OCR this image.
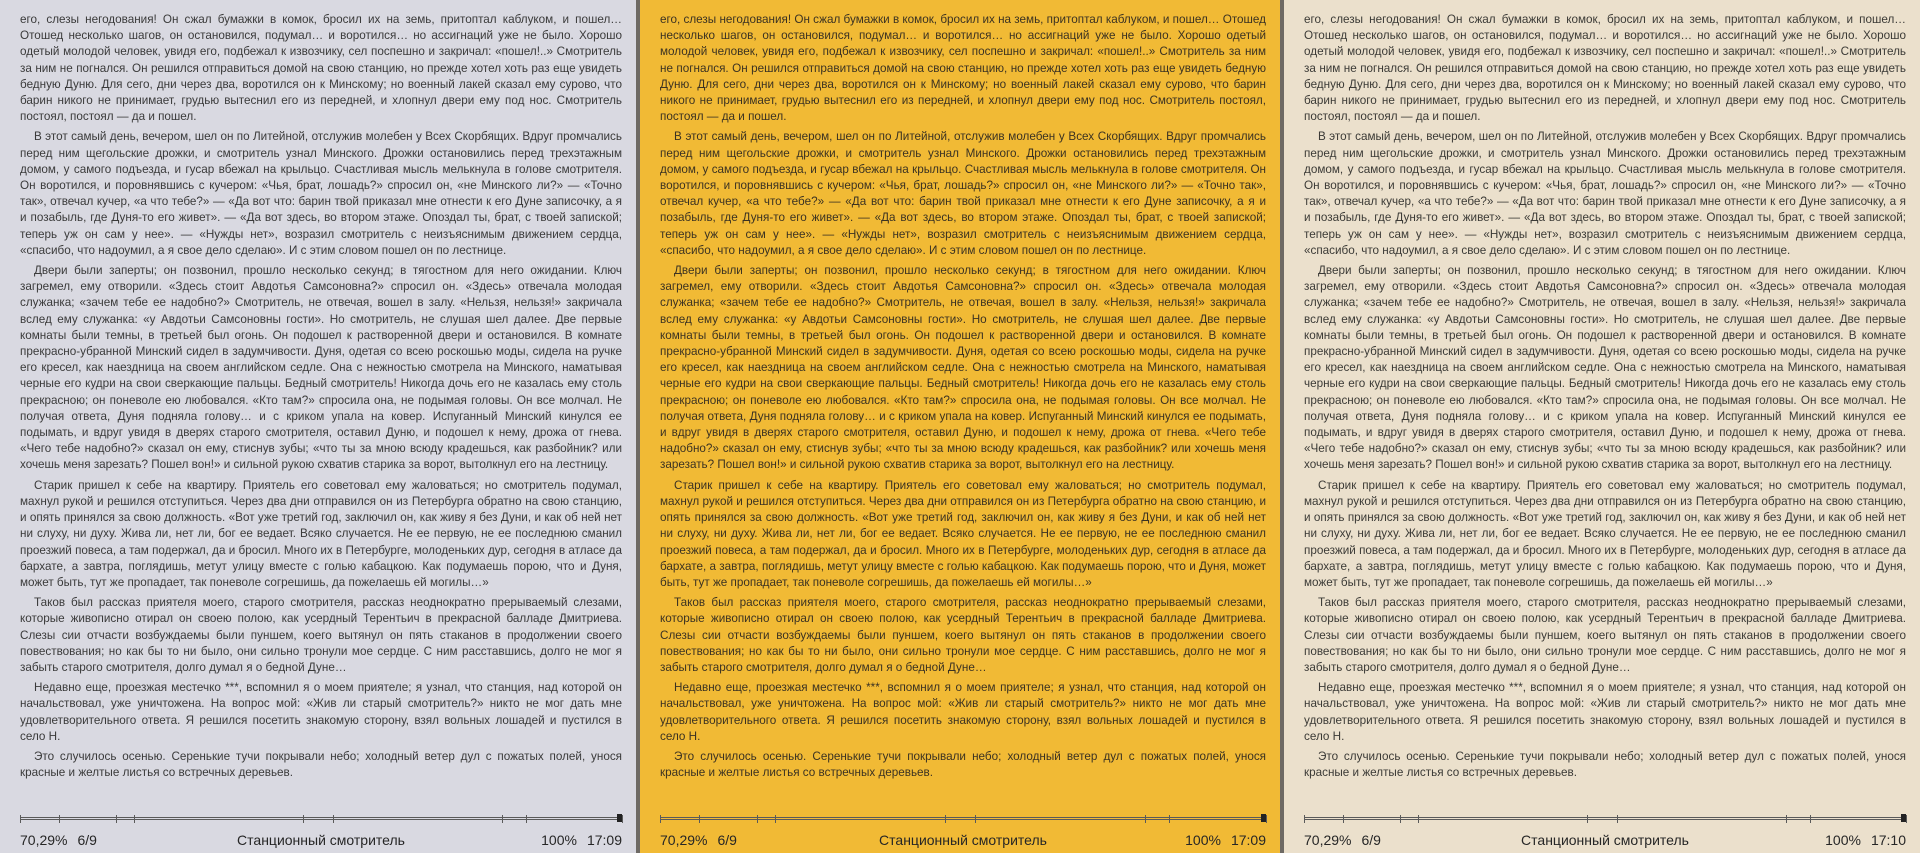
его, слезы негодования! Он сжал бумажки в комок, бросил их на земь, притоптал каблуком, и пошел… Отошед несколько шагов, он остановился, подумал… и воротился… но ассигнаций уже не было. Хорошо одетый молодой человек, увидя его, подбежал к извозчику, сел поспешно и закричал: «пошел!..» Смотритель за ним не погнался. Он решился отправиться домой на свою станцию, но прежде хотел хоть раз еще увидеть бедную Дуню. Для сего, дни через два, воротился он к Минскому; но военный лакей сказал ему сурово, что барин никого не принимает, грудью вытеснил его из передней, и хлопнул двери ему под нос. Смотритель постоял, постоял — да и пошел.

В этот самый день, вечером, шел он по Литейной, отслужив молебен у Всех Скорбящих. Вдруг промчались перед ним щегольские дрожки, и смотритель узнал Минского. Дрожки остановились перед трехэтажным домом, у самого подъезда, и гусар вбежал на крыльцо. Счастливая мысль мелькнула в голове смотрителя. Он воротился, и поровнявшись с кучером: «Чья, брат, лошадь?» спросил он, «не Минского ли?» — «Точно так», отвечал кучер, «а что тебе?» — «Да вот что: барин твой приказал мне отнести к его Дуне записочку, а я и позабыль, где Дуня-то его живет». — «Да вот здесь, во втором этаже. Опоздал ты, брат, с твоей запиской; теперь уж он сам у нее». — «Нужды нет», возразил смотритель с неизъяснимым движением сердца, «спасибо, что надоумил, а я свое дело сделаю». И с этим словом пошел он по лестнице.

Двери были заперты; он позвонил, прошло несколько секунд; в тягостном для него ожидании. Ключ загремел, ему отворили. «Здесь стоит Авдотья Самсоновна?» спросил он. «Здесь» отвечала молодая служанка; «зачем тебе ее надобно?» Смотритель, не отвечая, вошел в залу. «Нельзя, нельзя!» закричала вслед ему служанка: «у Авдотьи Самсоновны гости». Но смотритель, не слушая шел далее. Две первые комнаты были темны, в третьей был огонь. Он подошел к растворенной двери и остановился. В комнате прекрасно-убранной Минский сидел в задумчивости. Дуня, одетая со всею роскошью моды, сидела на ручке его кресел, как наездница на своем английском седле. Она с нежностью смотрела на Минского, наматывая черные его кудри на свои сверкающие пальцы. Бедный смотритель! Никогда дочь его не казалась ему столь прекрасною; он поневоле ею любовался. «Кто там?» спросила она, не подымая головы. Он все молчал. Не получая ответа, Дуня подняла голову… и с криком упала на ковер. Испуганный Минский кинулся ее подымать, и вдруг увидя в дверях старого смотрителя, оставил Дуню, и подошел к нему, дрожа от гнева. «Чего тебе надобно?» сказал он ему, стиснув зубы; «что ты за мною всюду крадешься, как разбойник? или хочешь меня зарезать? Пошел вон!» и сильной рукою схватив старика за ворот, вытолкнул его на лестницу.

Старик пришел к себе на квартиру. Приятель его советовал ему жаловаться; но смотритель подумал, махнул рукой и решился отступиться. Через два дни отправился он из Петербурга обратно на свою станцию, и опять принялся за свою должность. «Вот уже третий год, заключил он, как живу я без Дуни, и как об ней нет ни слуху, ни духу. Жива ли, нет ли, бог ее ведает. Всяко случается. Не ее первую, не ее последнюю сманил проезжий повеса, а там подержал, да и бросил. Много их в Петербурге, молоденьких дур, сегодня в атласе да бархате, а завтра, поглядишь, метут улицу вместе с голью кабацкою. Как подумаешь порою, что и Дуня, может быть, тут же пропадает, так поневоле согрешишь, да пожелаешь ей могилы…»

Таков был рассказ приятеля моего, старого смотрителя, рассказ неоднократно прерываемый слезами, которые живописно отирал он своею полою, как усердный Терентьич в прекрасной балладе Дмитриева. Слезы сии отчасти возбуждаемы были пуншем, коего вытянул он пять стаканов в продолжении своего повествования; но как бы то ни было, они сильно тронули мое сердце. С ним расставшись, долго не мог я забыть старого смотрителя, долго думал я о бедной Дуне…

Недавно еще, проезжая местечко ***, вспомнил я о моем приятеле; я узнал, что станция, над которой он начальствовал, уже уничтожена. На вопрос мой: «Жив ли старый смотритель?» никто не мог дать мне удовлетворительного ответа. Я решился посетить знакомую сторону, взял вольных лошадей и пустился в село Н.

Это случилось осенью. Серенькие тучи покрывали небо; холодный ветер дул с пожатых полей, унося красные и желтые листья со встречных деревьев.

70,29% 6/9	Станционный смотритель	100% 17:09

его, слезы негодования! Он сжал бумажки в комок, бросил их на земь, притоптал каблуком, и пошел… Отошед несколько шагов, он остановился, подумал… и воротился… но ассигнаций уже не было. Хорошо одетый молодой человек, увидя его, подбежал к извозчику, сел поспешно и закричал: «пошел!..» Смотритель за ним не погнался. Он решился отправиться домой на свою станцию, но прежде хотел хоть раз еще увидеть бедную Дуню. Для сего, дни через два, воротился он к Минскому; но военный лакей сказал ему сурово, что барин никого не принимает, грудью вытеснил его из передней, и хлопнул двери ему под нос. Смотритель постоял, постоял — да и пошел.

В этот самый день, вечером, шел он по Литейной, отслужив молебен у Всех Скорбящих. Вдруг промчались перед ним щегольские дрожки, и смотритель узнал Минского. Дрожки остановились перед трехэтажным домом, у самого подъезда, и гусар вбежал на крыльцо. Счастливая мысль мелькнула в голове смотрителя. Он воротился, и поровнявшись с кучером: «Чья, брат, лошадь?» спросил он, «не Минского ли?» — «Точно так», отвечал кучер, «а что тебе?» — «Да вот что: барин твой приказал мне отнести к его Дуне записочку, а я и позабыль, где Дуня-то его живет». — «Да вот здесь, во втором этаже. Опоздал ты, брат, с твоей запиской; теперь уж он сам у нее». — «Нужды нет», возразил смотритель с неизъяснимым движением сердца, «спасибо, что надоумил, а я свое дело сделаю». И с этим словом пошел он по лестнице.

Двери были заперты; он позвонил, прошло несколько секунд; в тягостном для него ожидании. Ключ загремел, ему отворили. «Здесь стоит Авдотья Самсоновна?» спросил он. «Здесь» отвечала молодая служанка; «зачем тебе ее надобно?» Смотритель, не отвечая, вошел в залу. «Нельзя, нельзя!» закричала вслед ему служанка: «у Авдотьи Самсоновны гости». Но смотритель, не слушая шел далее. Две первые комнаты были темны, в третьей был огонь. Он подошел к растворенной двери и остановился. В комнате прекрасно-убранной Минский сидел в задумчивости. Дуня, одетая со всею роскошью моды, сидела на ручке его кресел, как наездница на своем английском седле. Она с нежностью смотрела на Минского, наматывая черные его кудри на свои сверкающие пальцы. Бедный смотритель! Никогда дочь его не казалась ему столь прекрасною; он поневоле ею любовался. «Кто там?» спросила она, не подымая головы. Он все молчал. Не получая ответа, Дуня подняла голову… и с криком упала на ковер. Испуганный Минский кинулся ее подымать, и вдруг увидя в дверях старого смотрителя, оставил Дуню, и подошел к нему, дрожа от гнева. «Чего тебе надобно?» сказал он ему, стиснув зубы; «что ты за мною всюду крадешься, как разбойник? или хочешь меня зарезать? Пошел вон!» и сильной рукою схватив старика за ворот, вытолкнул его на лестницу.

Старик пришел к себе на квартиру. Приятель его советовал ему жаловаться; но смотритель подумал, махнул рукой и решился отступиться. Через два дни отправился он из Петербурга обратно на свою станцию, и опять принялся за свою должность. «Вот уже третий год, заключил он, как живу я без Дуни, и как об ней нет ни слуху, ни духу. Жива ли, нет ли, бог ее ведает. Всяко случается. Не ее первую, не ее последнюю сманил проезжий повеса, а там подержал, да и бросил. Много их в Петербурге, молоденьких дур, сегодня в атласе да бархате, а завтра, поглядишь, метут улицу вместе с голью кабацкою. Как подумаешь порою, что и Дуня, может быть, тут же пропадает, так поневоле согрешишь, да пожелаешь ей могилы…»

Таков был рассказ приятеля моего, старого смотрителя, рассказ неоднократно прерываемый слезами, которые живописно отирал он своею полою, как усердный Терентьич в прекрасной балладе Дмитриева. Слезы сии отчасти возбуждаемы были пуншем, коего вытянул он пять стаканов в продолжении своего повествования; но как бы то ни было, они сильно тронули мое сердце. С ним расставшись, долго не мог я забыть старого смотрителя, долго думал я о бедной Дуне…

Недавно еще, проезжая местечко ***, вспомнил я о моем приятеле; я узнал, что станция, над которой он начальствовал, уже уничтожена. На вопрос мой: «Жив ли старый смотритель?» никто не мог дать мне удовлетворительного ответа. Я решился посетить знакомую сторону, взял вольных лошадей и пустился в село Н.

Это случилось осенью. Серенькие тучи покрывали небо; холодный ветер дул с пожатых полей, унося красные и желтые листья со встречных деревьев.

70,29% 6/9	Станционный смотритель	100% 17:09

его, слезы негодования! Он сжал бумажки в комок, бросил их на земь, притоптал каблуком, и пошел… Отошед несколько шагов, он остановился, подумал… и воротился… но ассигнаций уже не было. Хорошо одетый молодой человек, увидя его, подбежал к извозчику, сел поспешно и закричал: «пошел!..» Смотритель за ним не погнался. Он решился отправиться домой на свою станцию, но прежде хотел хоть раз еще увидеть бедную Дуню. Для сего, дни через два, воротился он к Минскому; но военный лакей сказал ему сурово, что барин никого не принимает, грудью вытеснил его из передней, и хлопнул двери ему под нос. Смотритель постоял, постоял — да и пошел.

В этот самый день, вечером, шел он по Литейной, отслужив молебен у Всех Скорбящих. Вдруг промчались перед ним щегольские дрожки, и смотритель узнал Минского. Дрожки остановились перед трехэтажным домом, у самого подъезда, и гусар вбежал на крыльцо. Счастливая мысль мелькнула в голове смотрителя. Он воротился, и поровнявшись с кучером: «Чья, брат, лошадь?» спросил он, «не Минского ли?» — «Точно так», отвечал кучер, «а что тебе?» — «Да вот что: барин твой приказал мне отнести к его Дуне записочку, а я и позабыль, где Дуня-то его живет». — «Да вот здесь, во втором этаже. Опоздал ты, брат, с твоей запиской; теперь уж он сам у нее». — «Нужды нет», возразил смотритель с неизъяснимым движением сердца, «спасибо, что надоумил, а я свое дело сделаю». И с этим словом пошел он по лестнице.

Двери были заперты; он позвонил, прошло несколько секунд; в тягостном для него ожидании. Ключ загремел, ему отворили. «Здесь стоит Авдотья Самсоновна?» спросил он. «Здесь» отвечала молодая служанка; «зачем тебе ее надобно?» Смотритель, не отвечая, вошел в залу. «Нельзя, нельзя!» закричала вслед ему служанка: «у Авдотьи Самсоновны гости». Но смотритель, не слушая шел далее. Две первые комнаты были темны, в третьей был огонь. Он подошел к растворенной двери и остановился. В комнате прекрасно-убранной Минский сидел в задумчивости. Дуня, одетая со всею роскошью моды, сидела на ручке его кресел, как наездница на своем английском седле. Она с нежностью смотрела на Минского, наматывая черные его кудри на свои сверкающие пальцы. Бедный смотритель! Никогда дочь его не казалась ему столь прекрасною; он поневоле ею любовался. «Кто там?» спросила она, не подымая головы. Он все молчал. Не получая ответа, Дуня подняла голову… и с криком упала на ковер. Испуганный Минский кинулся ее подымать, и вдруг увидя в дверях старого смотрителя, оставил Дуню, и подошел к нему, дрожа от гнева. «Чего тебе надобно?» сказал он ему, стиснув зубы; «что ты за мною всюду крадешься, как разбойник? или хочешь меня зарезать? Пошел вон!» и сильной рукою схватив старика за ворот, вытолкнул его на лестницу.

Старик пришел к себе на квартиру. Приятель его советовал ему жаловаться; но смотритель подумал, махнул рукой и решился отступиться. Через два дни отправился он из Петербурга обратно на свою станцию, и опять принялся за свою должность. «Вот уже третий год, заключил он, как живу я без Дуни, и как об ней нет ни слуху, ни духу. Жива ли, нет ли, бог ее ведает. Всяко случается. Не ее первую, не ее последнюю сманил проезжий повеса, а там подержал, да и бросил. Много их в Петербурге, молоденьких дур, сегодня в атласе да бархате, а завтра, поглядишь, метут улицу вместе с голью кабацкою. Как подумаешь порою, что и Дуня, может быть, тут же пропадает, так поневоле согрешишь, да пожелаешь ей могилы…»

Таков был рассказ приятеля моего, старого смотрителя, рассказ неоднократно прерываемый слезами, которые живописно отирал он своею полою, как усердный Терентьич в прекрасной балладе Дмитриева. Слезы сии отчасти возбуждаемы были пуншем, коего вытянул он пять стаканов в продолжении своего повествования; но как бы то ни было, они сильно тронули мое сердце. С ним расставшись, долго не мог я забыть старого смотрителя, долго думал я о бедной Дуне…

Недавно еще, проезжая местечко ***, вспомнил я о моем приятеле; я узнал, что станция, над которой он начальствовал, уже уничтожена. На вопрос мой: «Жив ли старый смотритель?» никто не мог дать мне удовлетворительного ответа. Я решился посетить знакомую сторону, взял вольных лошадей и пустился в село Н.

Это случилось осенью. Серенькие тучи покрывали небо; холодный ветер дул с пожатых полей, унося красные и желтые листья со встречных деревьев.

70,29% 6/9	Станционный смотритель	100% 17:10
